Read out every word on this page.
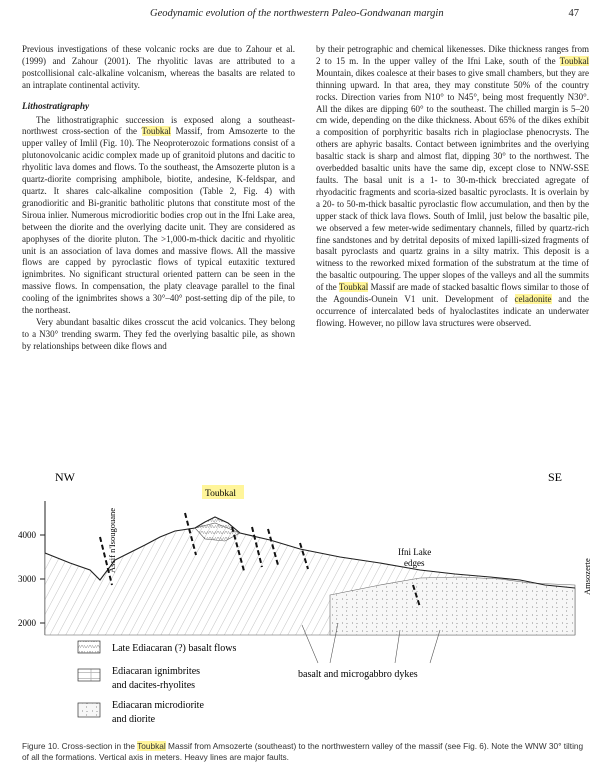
Geodynamic evolution of the northwestern Paleo-Gondwanan margin	47

Previous investigations of these volcanic rocks are due to Zahour et al. (1999) and Zahour (2001). The rhyolitic lavas are attributed to a postcollisional calc-alkaline volcanism, whereas the basalts are related to an intraplate continental activity.

Lithostratigraphy

The lithostratigraphic succession is exposed along a southeast-northwest cross-section of the Toubkal Massif, from Amsozerte to the upper valley of Imlil (Fig. 10). The Neoproterozoic formations consist of a plutonovolcanic acidic complex made up of granitoid plutons and dacitic to rhyolitic lava domes and flows. To the southeast, the Amsozerte pluton is a quartz-diorite comprising amphibole, biotite, andesine, K-feldspar, and quartz. It shares calc-alkaline composition (Table 2, Fig. 4) with granodioritic and Bi-granitic batholitic plutons that constitute most of the Siroua inlier. Numerous microdioritic bodies crop out in the Ifni Lake area, between the diorite and the overlying dacite unit. They are considered as apophyses of the diorite pluton. The >1,000-m-thick dacitic and rhyolitic unit is an association of lava domes and massive flows. All the massive flows are capped by pyroclastic flows of typical eutaxitic textured ignimbrites. No significant structural oriented pattern can be seen in the massive flows. In compensation, the platy cleavage parallel to the final cooling of the ignimbrites shows a 30°–40° post-setting dip of the pile, to the northeast.

Very abundant basaltic dikes crosscut the acid volcanics. They belong to a N30° trending swarm. They fed the overlying basaltic pile, as shown by relationships between dike flows and

by their petrographic and chemical likenesses. Dike thickness ranges from 2 to 15 m. In the upper valley of the Ifni Lake, south of the Toubkal Mountain, dikes coalesce at their bases to give small chambers, but they are thinning upward. In that area, they may constitute 50% of the country rocks. Direction varies from N10° to N45°, being most frequently N30°. All the dikes are dipping 60° to the southeast. The chilled margin is 5–20 cm wide, depending on the dike thickness. About 65% of the dikes exhibit a composition of porphyritic basalts rich in plagioclase phenocrysts. The others are aphyric basalts. Contact between ignimbrites and the overlying basaltic stack is sharp and almost flat, dipping 30° to the northwest. The overbedded basaltic units have the same dip, except close to NNW-SSE faults. The basal unit is a 1- to 30-m-thick brecciated agregate of rhyodacitic fragments and scoria-sized basaltic pyroclasts. It is overlain by a 20- to 50-m-thick basaltic pyroclastic flow accumulation, and then by the upper stack of thick lava flows. South of Imlil, just below the basaltic pile, we observed a few meter-wide sedimentary channels, filled by quartz-rich fine sandstones and by detrital deposits of mixed lapilli-sized fragments of basalt pyroclasts and quartz grains in a silty matrix. This deposit is a witness to the reworked mixed formation of the substratum at the time of the basaltic outpouring. The upper slopes of the valleys and all the summits of the Toubkal Massif are made of stacked basaltic flows similar to those of the Agoundis-Ounein V1 unit. Development of celadonite and the occurrence of intercalated beds of hyaloclastites indicate an underwater flowing. However, no pillow lava structures were observed.

NW	SE
4000
3000
2000
Assif n'Isougouane
Toubkal
Ifni Lake
edges	Amsozerte
Late Ediacaran (?) basalt flows
Ediacaran ignimbrites
and dacites-rhyolites
Ediacaran microdiorite
and diorite
basalt and microgabbro dykes
Figure 10. Cross-section in the Toubkal Massif from Amsozerte (southeast) to the northwestern valley of the massif (see Fig. 6). Note the WNW 30° tilting of all the formations. Vertical axis in meters. Heavy lines are major faults.
